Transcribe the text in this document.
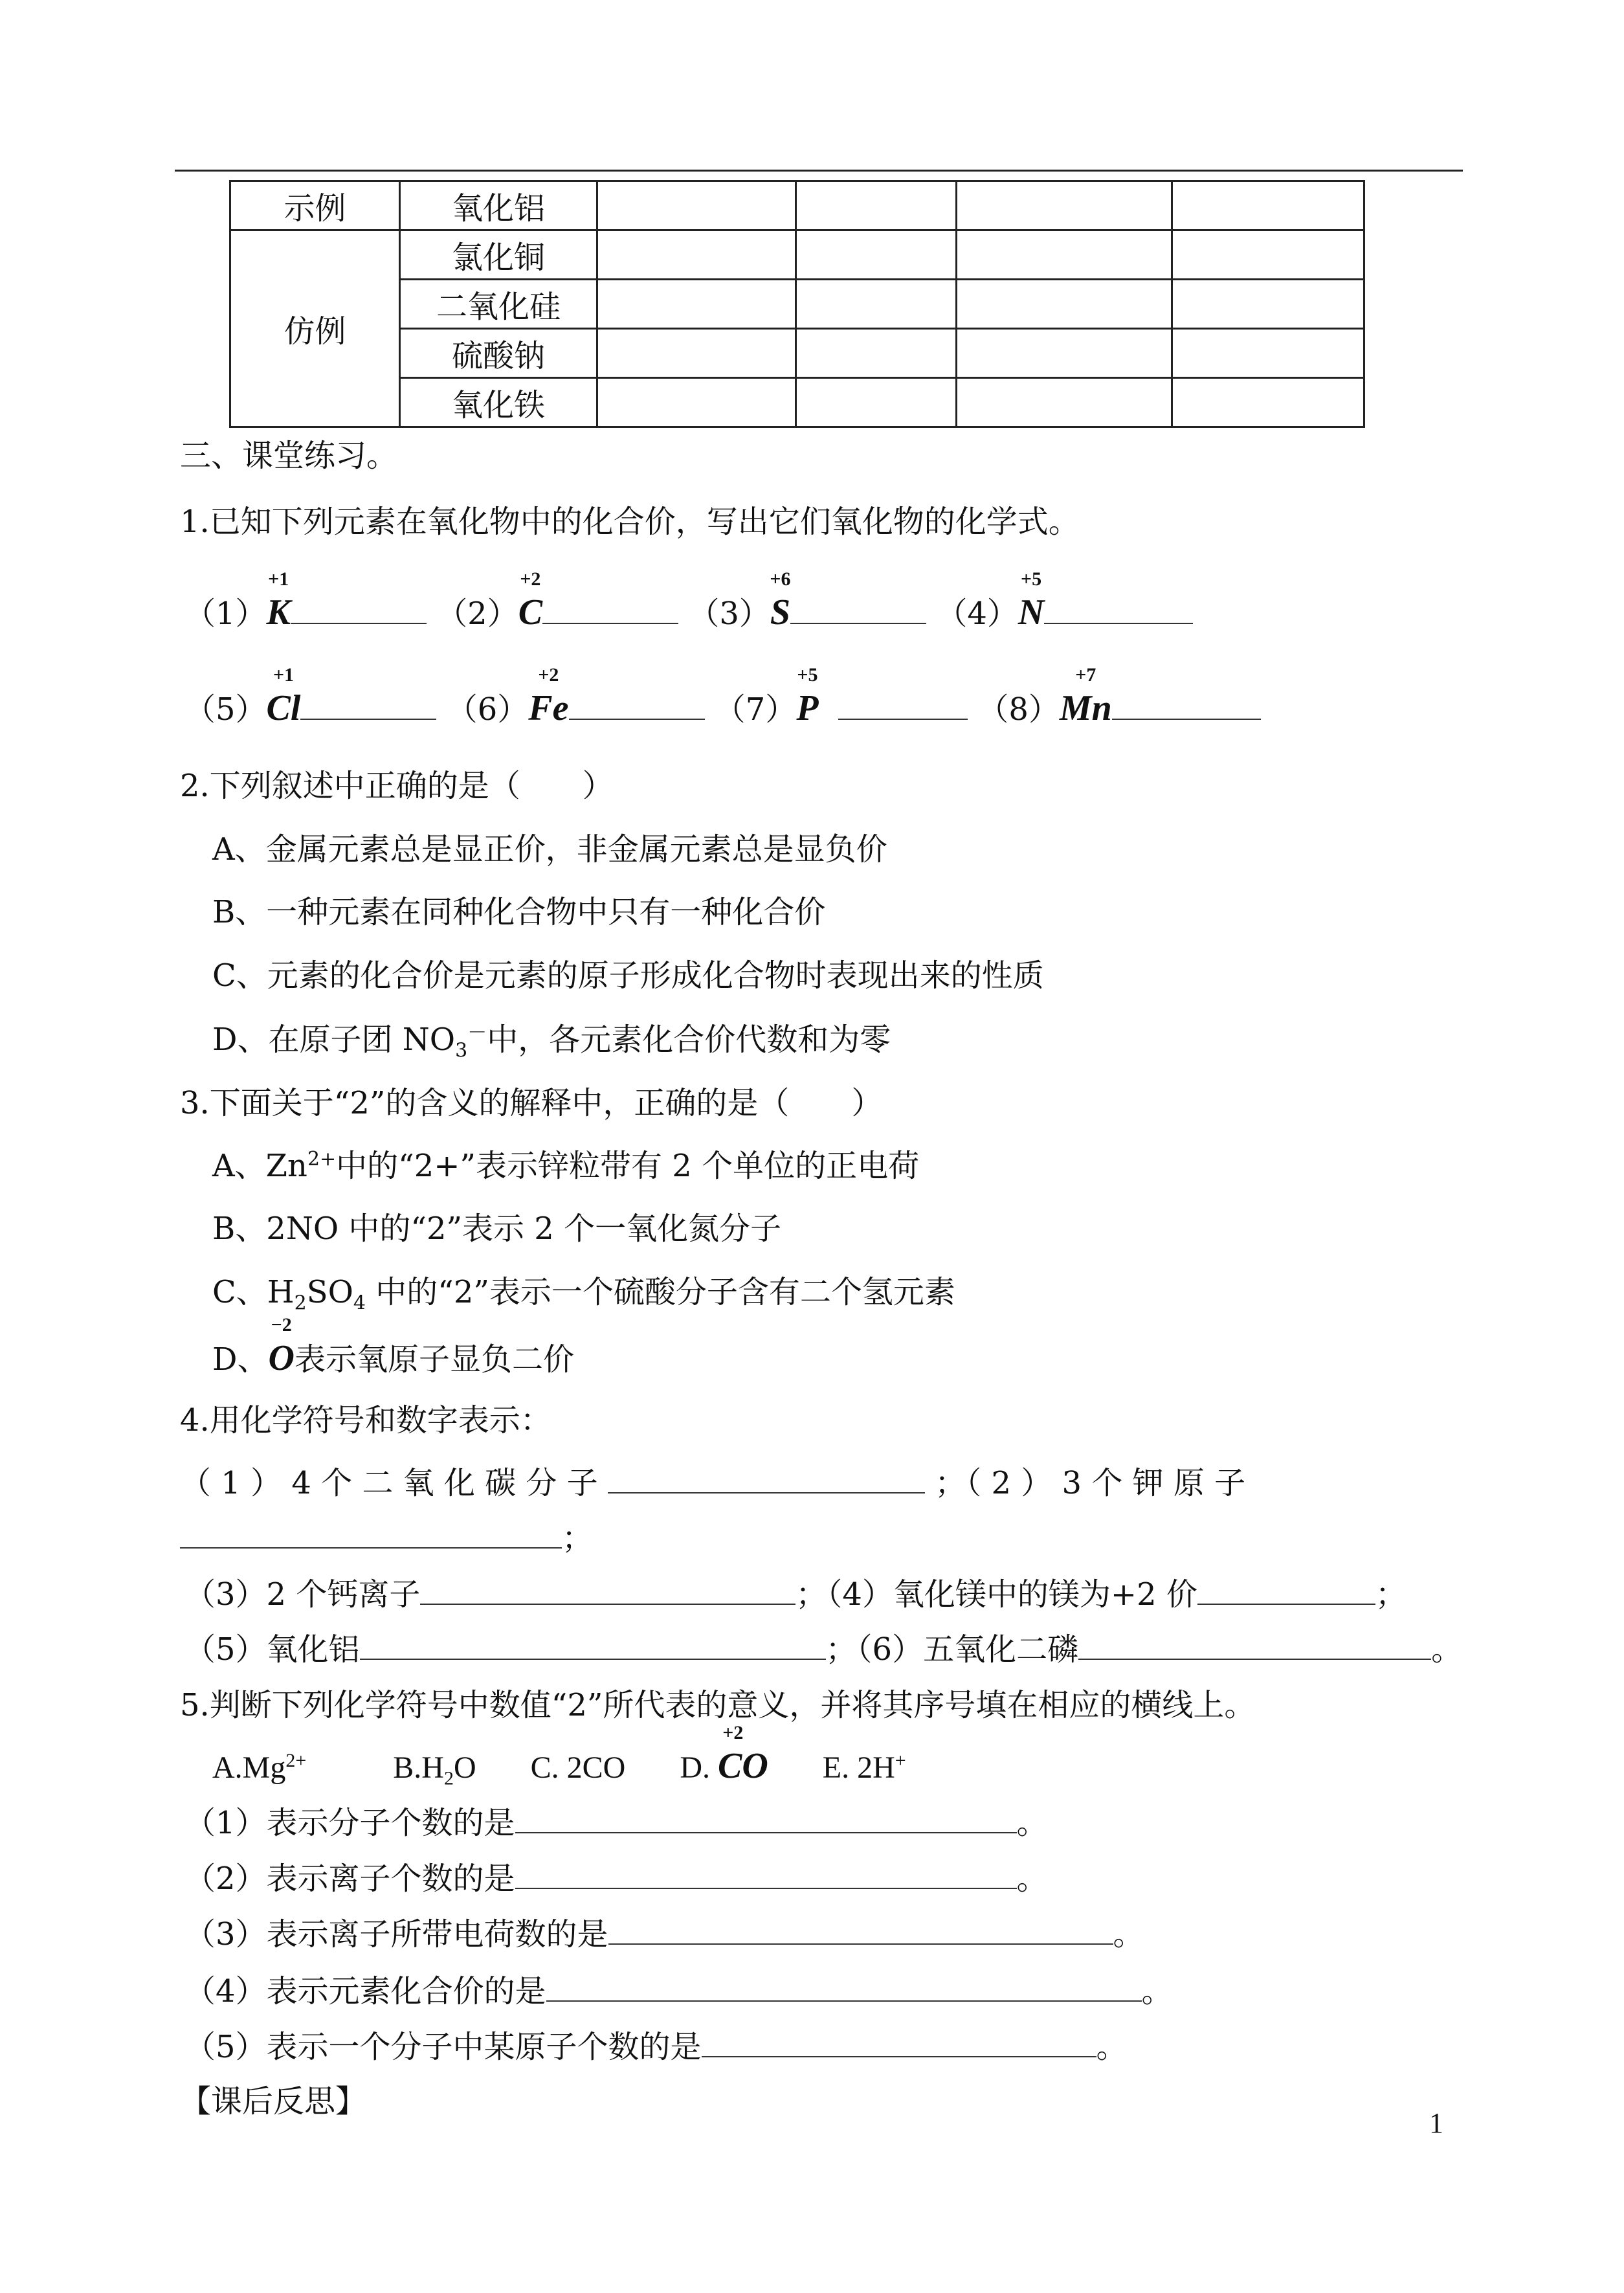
示例	氧化铝				
仿例	氯化铜				
	二氧化硅				
	硫酸钠				
	氧化铁				
三、课堂练习。
1.已知下列元素在氧化物中的化合价，写出它们氧化物的化学式。
（1）
+1
K	（2）
+2
C	（3）
+6
S	（4）
+5
N
（5）
+1
Cl	（6）
+2
Fe	（7）
+5
P	（8）
+7
Mn
2.下列叙述中正确的是（　　）
A、金属元素总是显正价，非金属元素总是显负价
B、一种元素在同种化合物中只有一种化合价
C、元素的化合价是元素的原子形成化合物时表现出来的性质
D、在原子团 $NO_3^-$中，各元素化合价代数和为零
3.下面关于“2”的含义的解释中，正确的是（　　）
A、$Zn^{2+}$中的“2+”表示锌粒带有 2 个单位的正电荷
B、2NO 中的“2”表示 2 个一氧化氮分子
C、$H_2SO_4$ 中的“2”表示一个硫酸分子含有二个氢元素
D、
−2
O表示氧原子显负二价
4.用化学符号和数字表示：
（ 1 ） 4 个 二 氧 化 碳 分 子	；（ 2 ） 3 个 钾 原 子
；
（3）2 个钙离子	；（4）氧化镁中的镁为+2 价	；
（5）氧化铝	；（6）五氧化二磷	。
5.判断下列化学符号中数值“2”所代表的意义，并将其序号填在相应的横线上。
$A.Mg^{2+}$	$B.H_2O$ C. 2CO D.
+2
CO E. 2H+
（1）表示分子个数的是	。
（2）表示离子个数的是	。
（3）表示离子所带电荷数的是	。
（4）表示元素化合价的是	。
（5）表示一个分子中某原子个数的是	。
【课后反思】
1
